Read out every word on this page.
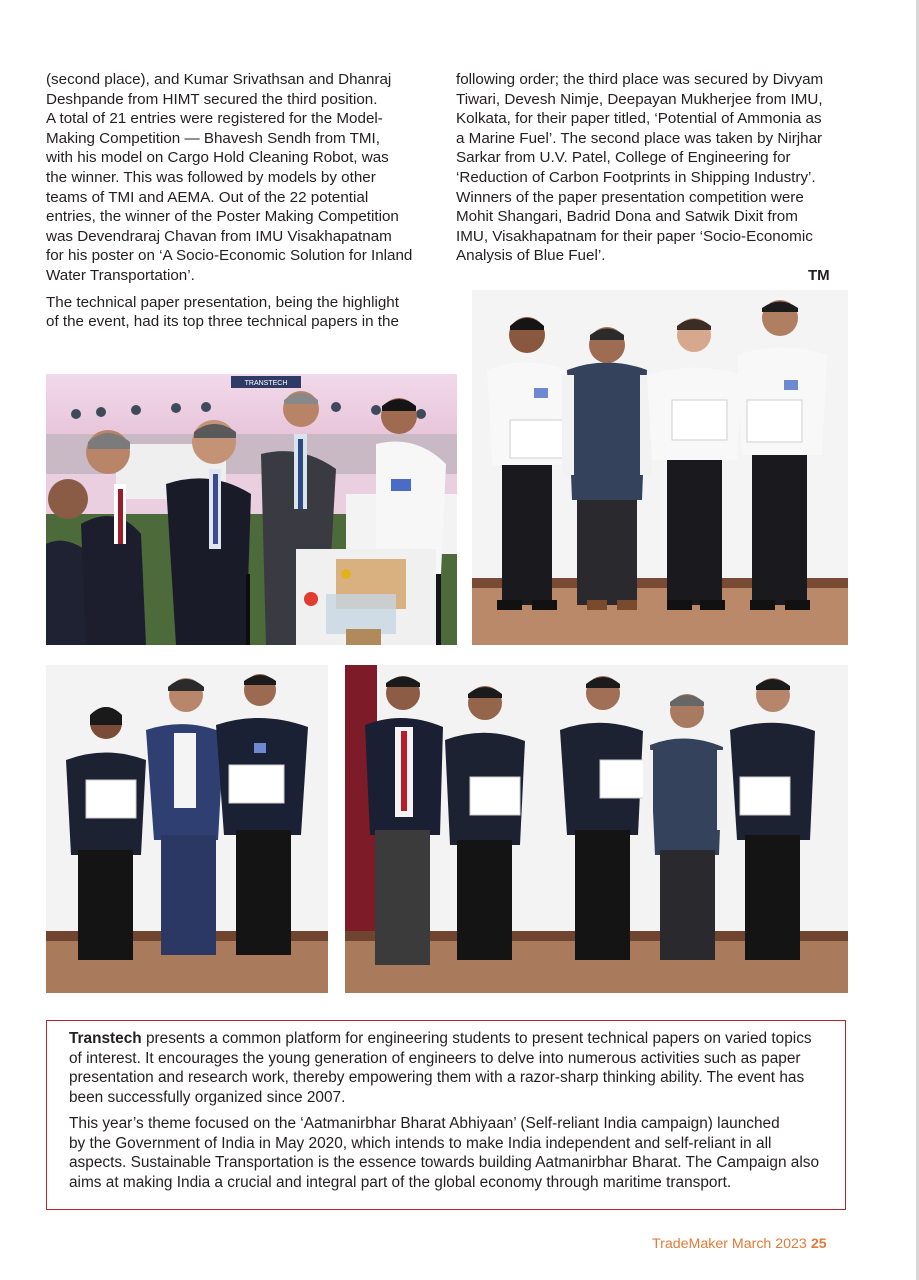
(second place), and Kumar Srivathsan and Dhanraj

Deshpande from HIMT secured the third position.

A total of 21 entries were registered for the Model-

Making Competition — Bhavesh Sendh from TMI,

with his model on Cargo Hold Cleaning Robot, was

the winner. This was followed by models by other

teams of TMI and AEMA. Out of the 22 potential

entries, the winner of the Poster Making Competition

was Devendraraj Chavan from IMU Visakhapatnam

for his poster on ‘A Socio-Economic Solution for Inland

Water Transportation’.

The technical paper presentation, being the highlight

of the event, had its top three technical papers in the

following order; the third place was secured by Divyam

Tiwari, Devesh Nimje, Deepayan Mukherjee from IMU,

Kolkata, for their paper titled, ‘Potential of Ammonia as

a Marine Fuel’. The second place was taken by Nirjhar

Sarkar from U.V. Patel, College of Engineering for

‘Reduction of Carbon Footprints in Shipping Industry’.

Winners of the paper presentation competition were

Mohit Shangari, Badrid Dona and Satwik Dixit from

IMU, Visakhapatnam for their paper ‘Socio-Economic

Analysis of Blue Fuel’.

TM
TRANSTECH

Transtech presents a common platform for engineering students to present technical papers on varied topics

of interest. It encourages the young generation of engineers to delve into numerous activities such as paper

presentation and research work, thereby empowering them with a razor-sharp thinking ability. The event has

been successfully organized since 2007.

This year’s theme focused on the ‘Aatmanirbhar Bharat Abhiyaan’ (Self-reliant India campaign) launched

by the Government of India in May 2020, which intends to make India independent and self-reliant in all

aspects. Sustainable Transportation is the essence towards building Aatmanirbhar Bharat. The Campaign also

aims at making India a crucial and integral part of the global economy through maritime transport.

TradeMaker March 2023 25
